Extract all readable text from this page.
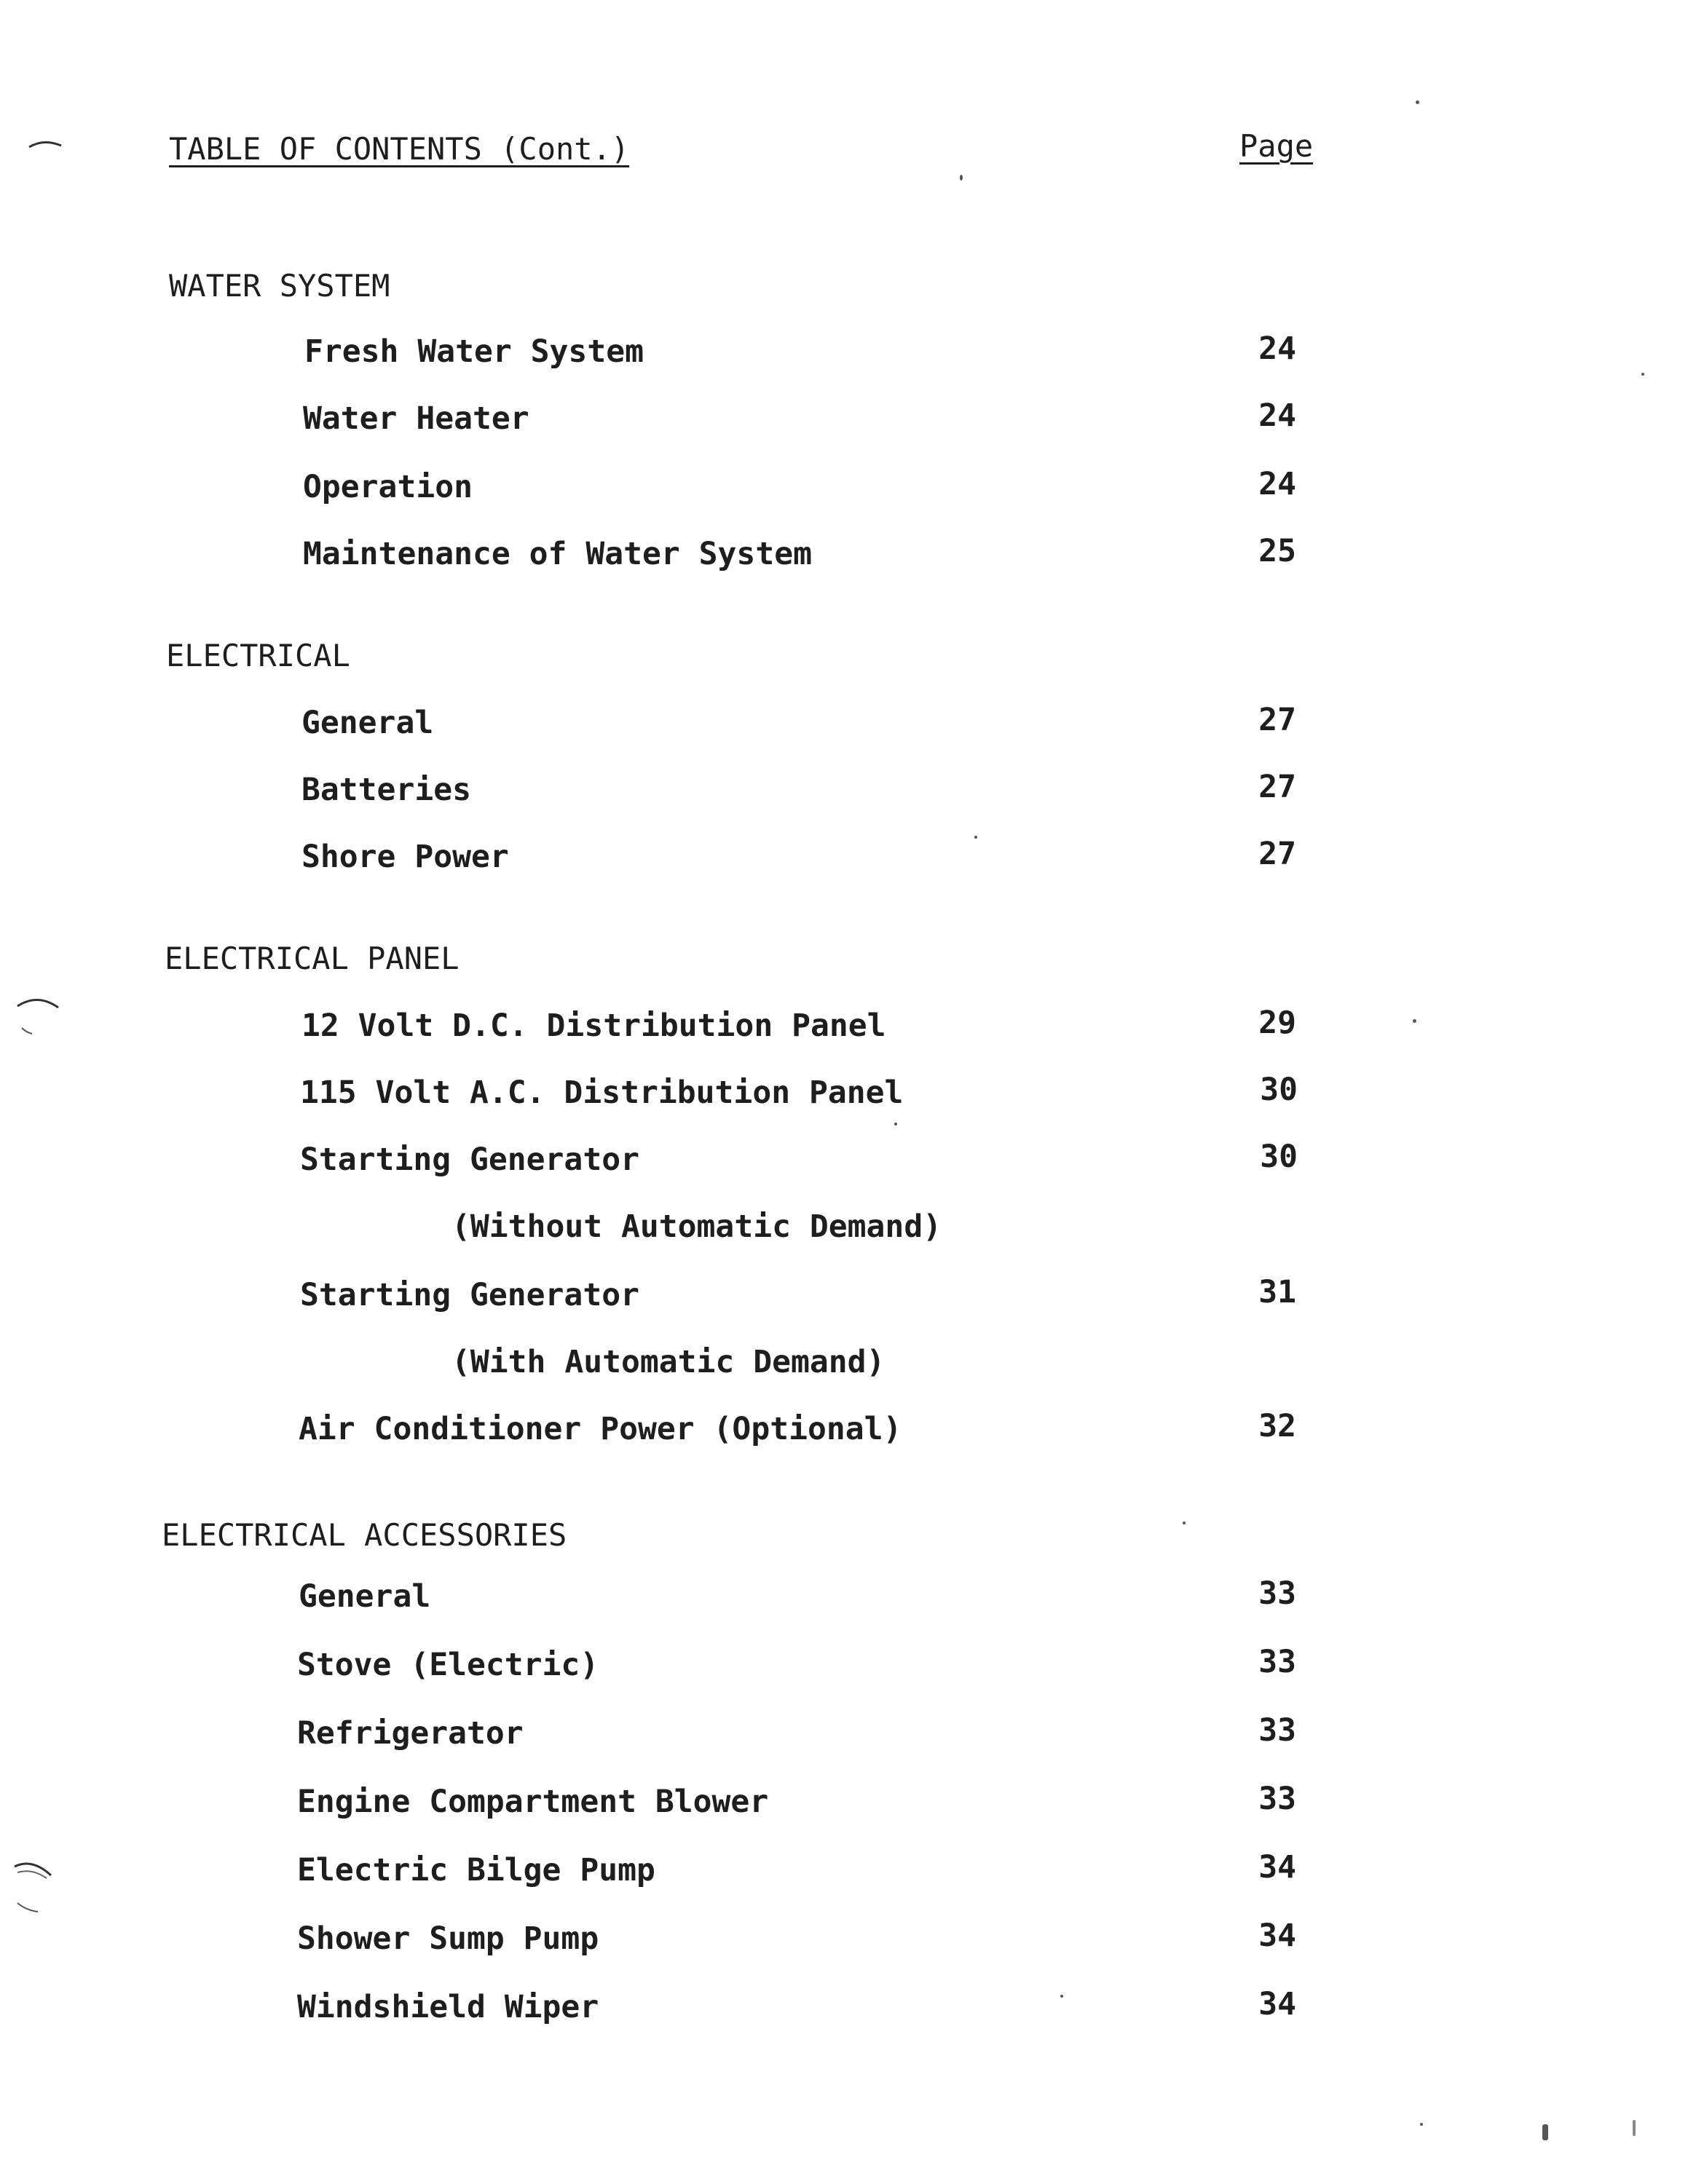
TABLE OF CONTENTS (Cont.)	Page
WATER SYSTEM
Fresh Water System	24
Water Heater	24
Operation	24
Maintenance of Water System	25
ELECTRICAL
General	27
Batteries	27
Shore Power	27
ELECTRICAL PANEL
12 Volt D.C. Distribution Panel	29
115 Volt A.C. Distribution Panel	30
Starting Generator	30
(Without Automatic Demand)
Starting Generator	31
(With Automatic Demand)
Air Conditioner Power (Optional)	32
ELECTRICAL ACCESSORIES
General	33
Stove (Electric)	33
Refrigerator	33
Engine Compartment Blower	33
Electric Bilge Pump	34
Shower Sump Pump	34
Windshield Wiper	34
